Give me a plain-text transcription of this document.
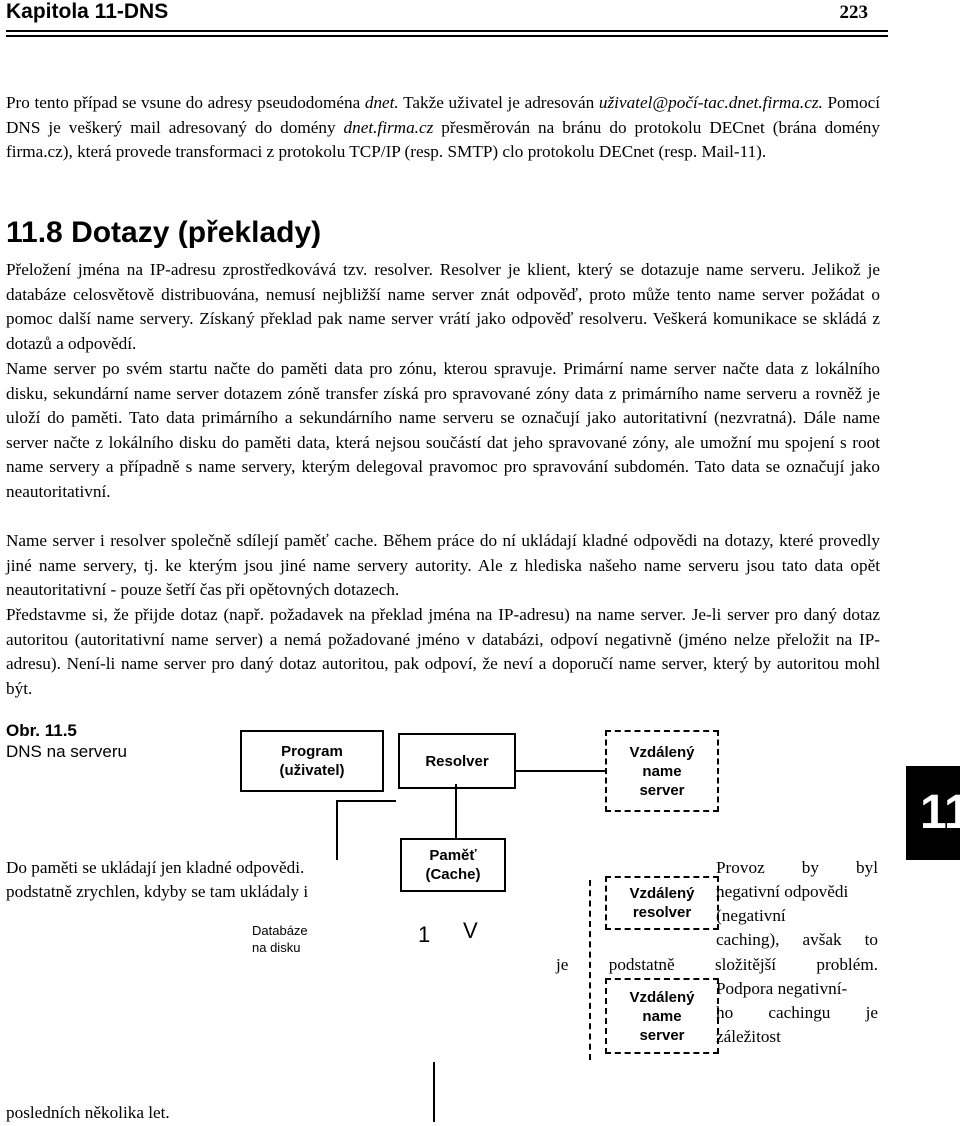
Kapitola 11-DNS	223
Pro tento případ se vsune do adresy pseudodoména dnet. Takže uživatel je adresován uživatel@počí-tac.dnet.firma.cz. Pomocí DNS je veškerý mail adresovaný do domény dnet.firma.cz přesměrován na bránu do protokolu DECnet (brána domény firma.cz), která provede transformaci z protokolu TCP/IP (resp. SMTP) clo protokolu DECnet (resp. Mail-11).
11.8 Dotazy (překlady)
Přeložení jména na IP-adresu zprostředkovává tzv. resolver. Resolver je klient, který se dotazuje name serveru. Jelikož je databáze celosvětově distribuována, nemusí nejbližší name server znát odpověď, proto může tento name server požádat o pomoc další name servery. Získaný překlad pak name server vrátí jako odpověď resolveru. Veškerá komunikace se skládá z dotazů a odpovědí.
Name server po svém startu načte do paměti data pro zónu, kterou spravuje. Primární name server načte data z lokálního disku, sekundární name server dotazem zóně transfer získá pro spravované zóny data z primárního name serveru a rovněž je uloží do paměti. Tato data primárního a sekundárního name serveru se označují jako autoritativní (nezvratná). Dále name server načte z lokálního disku do paměti data, která nejsou součástí dat jeho spravované zóny, ale umožní mu spojení s root name servery a případně s name servery, kterým delegoval pravomoc pro spravování subdomén. Tato data se označují jako neautoritativní.
Name server i resolver společně sdílejí paměť cache. Během práce do ní ukládají kladné odpovědi na dotazy, které provedly jiné name servery, tj. ke kterým jsou jiné name servery autority. Ale z hlediska našeho name serveru jsou tato data opět neautoritativní - pouze šetří čas při opětovných dotazech.
Představme si, že přijde dotaz (např. požadavek na překlad jména na IP-adresu) na name server. Je-li server pro daný dotaz autoritou (autoritativní name server) a nemá požadované jméno v databázi, odpoví negativně (jméno nelze přeložit na IP-adresu). Není-li name server pro daný dotaz autoritou, pak odpoví, že neví a doporučí name server, který by autoritou mohl být.
Obr. 11.5
DNS na serveru	Program
(uživatel)
Resolver
Vzdálený
name
server
Paměť
(Cache)
Vzdálený
resolver
Vzdálený
name
server
Databáze
na disku
1 V
Do paměti se ukládají jen kladné odpovědi.
podstatně zrychlen, kdyby se tam ukládaly i
Provoz by byl
negativní odpovědi
(negativní
caching), avšak to
je podstatně složitější problém.
Podpora negativní-
ho cachingu je
záležitost
posledních několika let.
11
